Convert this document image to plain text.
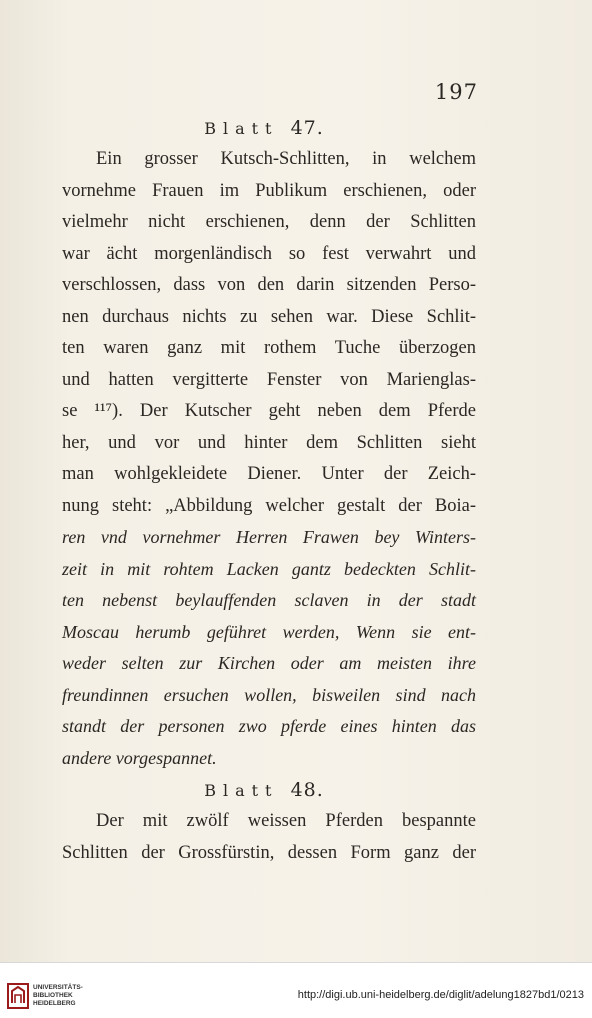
197
Blatt 47.
Ein grosser Kutsch-Schlitten, in welchem
vornehme Frauen im Publikum erschienen, oder
vielmehr nicht erschienen, denn der Schlitten
war ächt morgenländisch so fest verwahrt und
verschlossen, dass von den darin sitzenden Perso-
nen durchaus nichts zu sehen war. Diese Schlit-
ten waren ganz mit rothem Tuche überzogen
und hatten vergitterte Fenster von Marienglas-
se ¹¹⁷). Der Kutscher geht neben dem Pferde
her, und vor und hinter dem Schlitten sieht
man wohlgekleidete Diener. Unter der Zeich-
nung steht: „Abbildung welcher gestalt der Boia-
ren vnd vornehmer Herren Frawen bey Winters-
zeit in mit rohtem Lacken gantz bedeckten Schlit-
ten nebenst beylauffenden sclaven in der stadt
Moscau herumb geführet werden, Wenn sie ent-
weder selten zur Kirchen oder am meisten ihre
freundinnen ersuchen wollen, bisweilen sind nach
standt der personen zwo pferde eines hinten das
andere vorgespannet.
Blatt 48.
Der mit zwölf weissen Pferden bespannte
Schlitten der Grossfürstin, dessen Form ganz der
UNIVERSITÄTS-
BIBLIOTHEK
HEIDELBERG
http://digi.ub.uni-heidelberg.de/diglit/adelung1827bd1/0213
